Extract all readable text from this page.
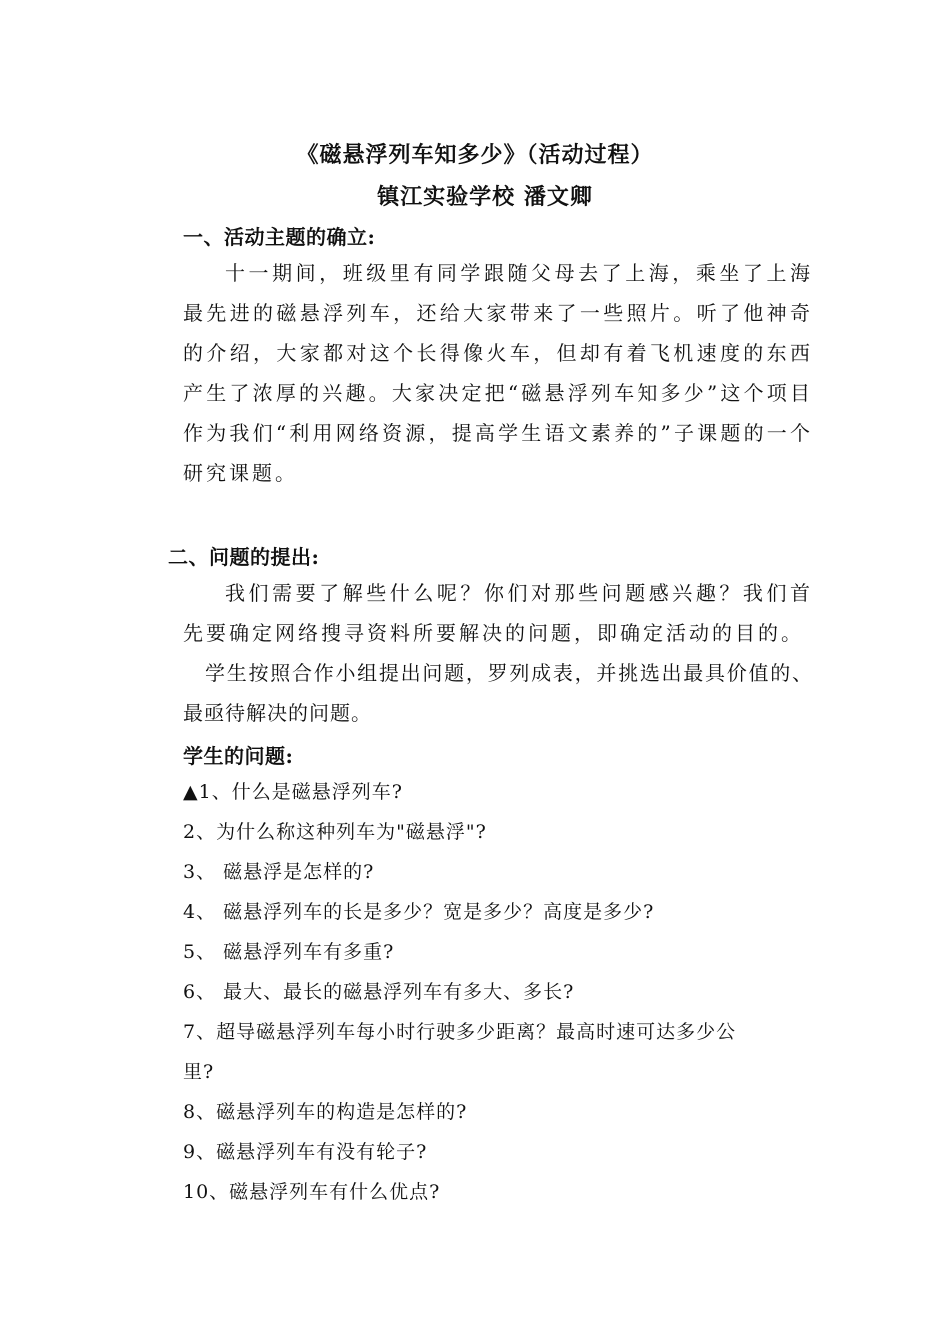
《磁悬浮列车知多少》（活动过程）
镇江实验学校 潘文卿
一、活动主题的确立:
十一期间，班级里有同学跟随父母去了上海，乘坐了上海最先进的磁悬浮列车，还给大家带来了一些照片。听了他神奇的介绍，大家都对这个长得像火车，但却有着飞机速度的东西产生了浓厚的兴趣。大家决定把“磁悬浮列车知多少”这个项目作为我们“利用网络资源，提高学生语文素养的”子课题的一个研究课题。
二、问题的提出:
我们需要了解些什么呢？你们对那些问题感兴趣？我们首先要确定网络搜寻资料所要解决的问题，即确定活动的目的。
学生按照合作小组提出问题，罗列成表，并挑选出最具价值的、最亟待解决的问题。
学生的问题:
▲1、什么是磁悬浮列车?
2、为什么称这种列车为"磁悬浮"?
3、 磁悬浮是怎样的?
4、 磁悬浮列车的长是多少？宽是多少？高度是多少?
5、 磁悬浮列车有多重?
6、 最大、最长的磁悬浮列车有多大、多长?
7、超导磁悬浮列车每小时行驶多少距离？最高时速可达多少公
里?
8、磁悬浮列车的构造是怎样的?
9、磁悬浮列车有没有轮子?
10、磁悬浮列车有什么优点?
